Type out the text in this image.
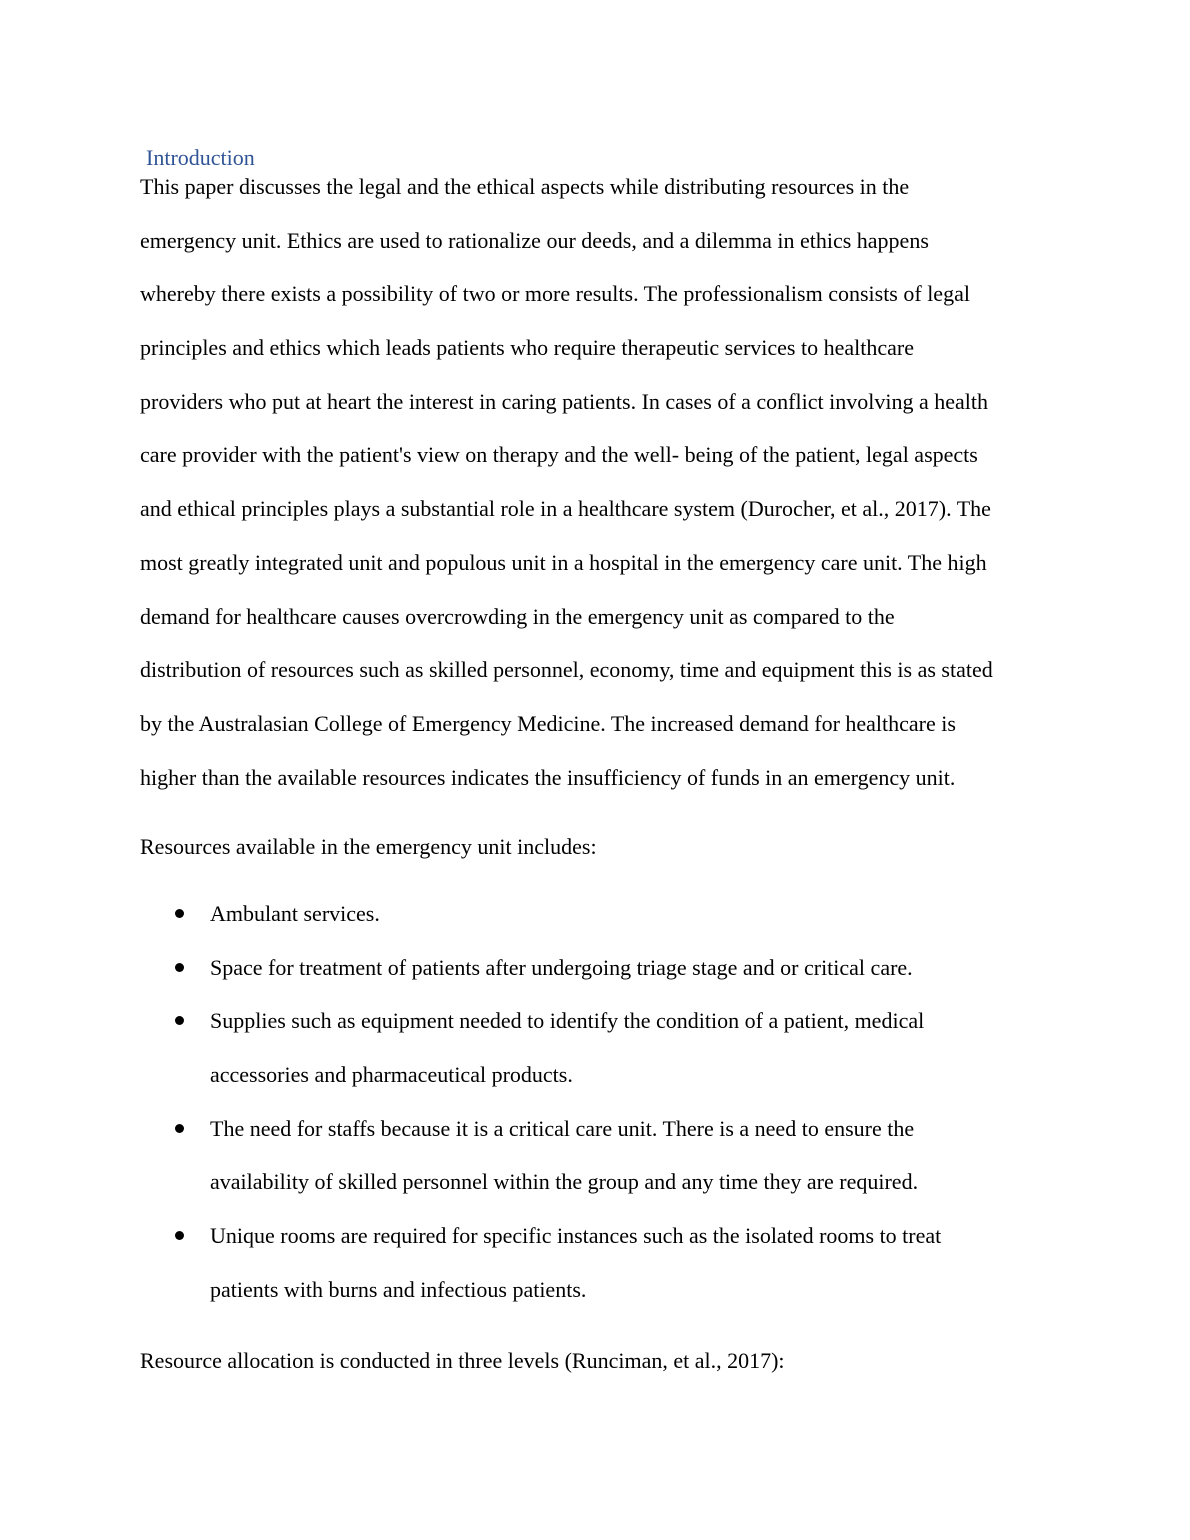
Introduction
This paper discusses the legal and the ethical aspects while distributing resources in the
emergency unit. Ethics are used to rationalize our deeds, and a dilemma in ethics happens
whereby there exists a possibility of two or more results. The professionalism consists of legal
principles and ethics which leads patients who require therapeutic services to healthcare
providers who put at heart the interest in caring patients. In cases of a conflict involving a health
care provider with the patient's view on therapy and the well- being of the patient, legal aspects
and ethical principles plays a substantial role in a healthcare system (Durocher, et al., 2017). The
most greatly integrated unit and populous unit in a hospital in the emergency care unit. The high
demand for healthcare causes overcrowding in the emergency unit as compared to the
distribution of resources such as skilled personnel, economy, time and equipment this is as stated
by the Australasian College of Emergency Medicine. The increased demand for healthcare is
higher than the available resources indicates the insufficiency of funds in an emergency unit.
Resources available in the emergency unit includes:
Ambulant services.
Space for treatment of patients after undergoing triage stage and or critical care.
Supplies such as equipment needed to identify the condition of a patient, medical
accessories and pharmaceutical products.
The need for staffs because it is a critical care unit. There is a need to ensure the
availability of skilled personnel within the group and any time they are required.
Unique rooms are required for specific instances such as the isolated rooms to treat
patients with burns and infectious patients.
Resource allocation is conducted in three levels (Runciman, et al., 2017):
